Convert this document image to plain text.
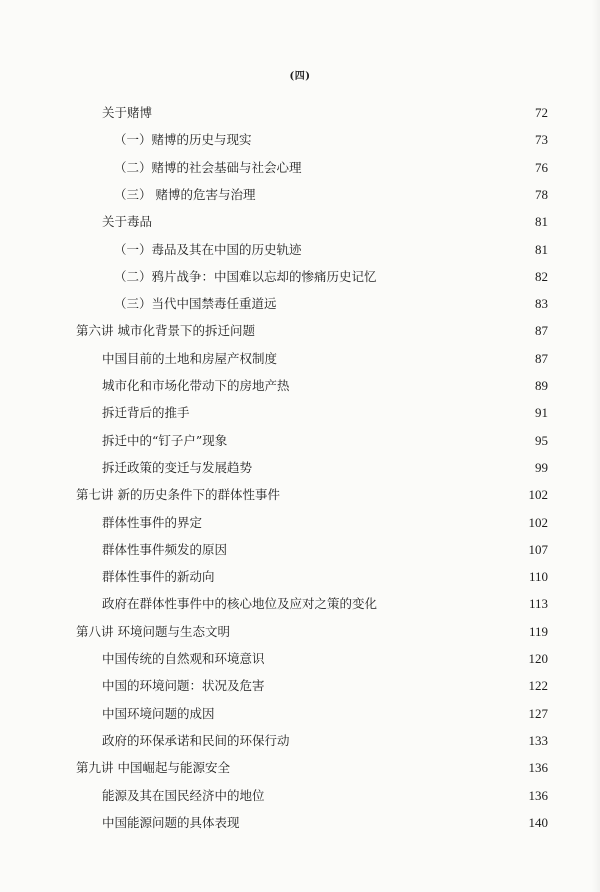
(四)
关于赌博	72
（一）赌博的历史与现实	73
（二）赌博的社会基础与社会心理	76
（三） 赌博的危害与治理	78
关于毒品	81
（一）毒品及其在中国的历史轨迹	81
（二）鸦片战争：中国难以忘却的惨痛历史记忆	82
（三）当代中国禁毒任重道远	83
第六讲 城市化背景下的拆迁问题	87
中国目前的土地和房屋产权制度	87
城市化和市场化带动下的房地产热	89
拆迁背后的推手	91
拆迁中的“钉子户”现象	95
拆迁政策的变迁与发展趋势	99
第七讲 新的历史条件下的群体性事件	102
群体性事件的界定	102
群体性事件频发的原因	107
群体性事件的新动向	110
政府在群体性事件中的核心地位及应对之策的变化	113
第八讲 环境问题与生态文明	119
中国传统的自然观和环境意识	120
中国的环境问题：状况及危害	122
中国环境问题的成因	127
政府的环保承诺和民间的环保行动	133
第九讲 中国崛起与能源安全	136
能源及其在国民经济中的地位	136
中国能源问题的具体表现	140
